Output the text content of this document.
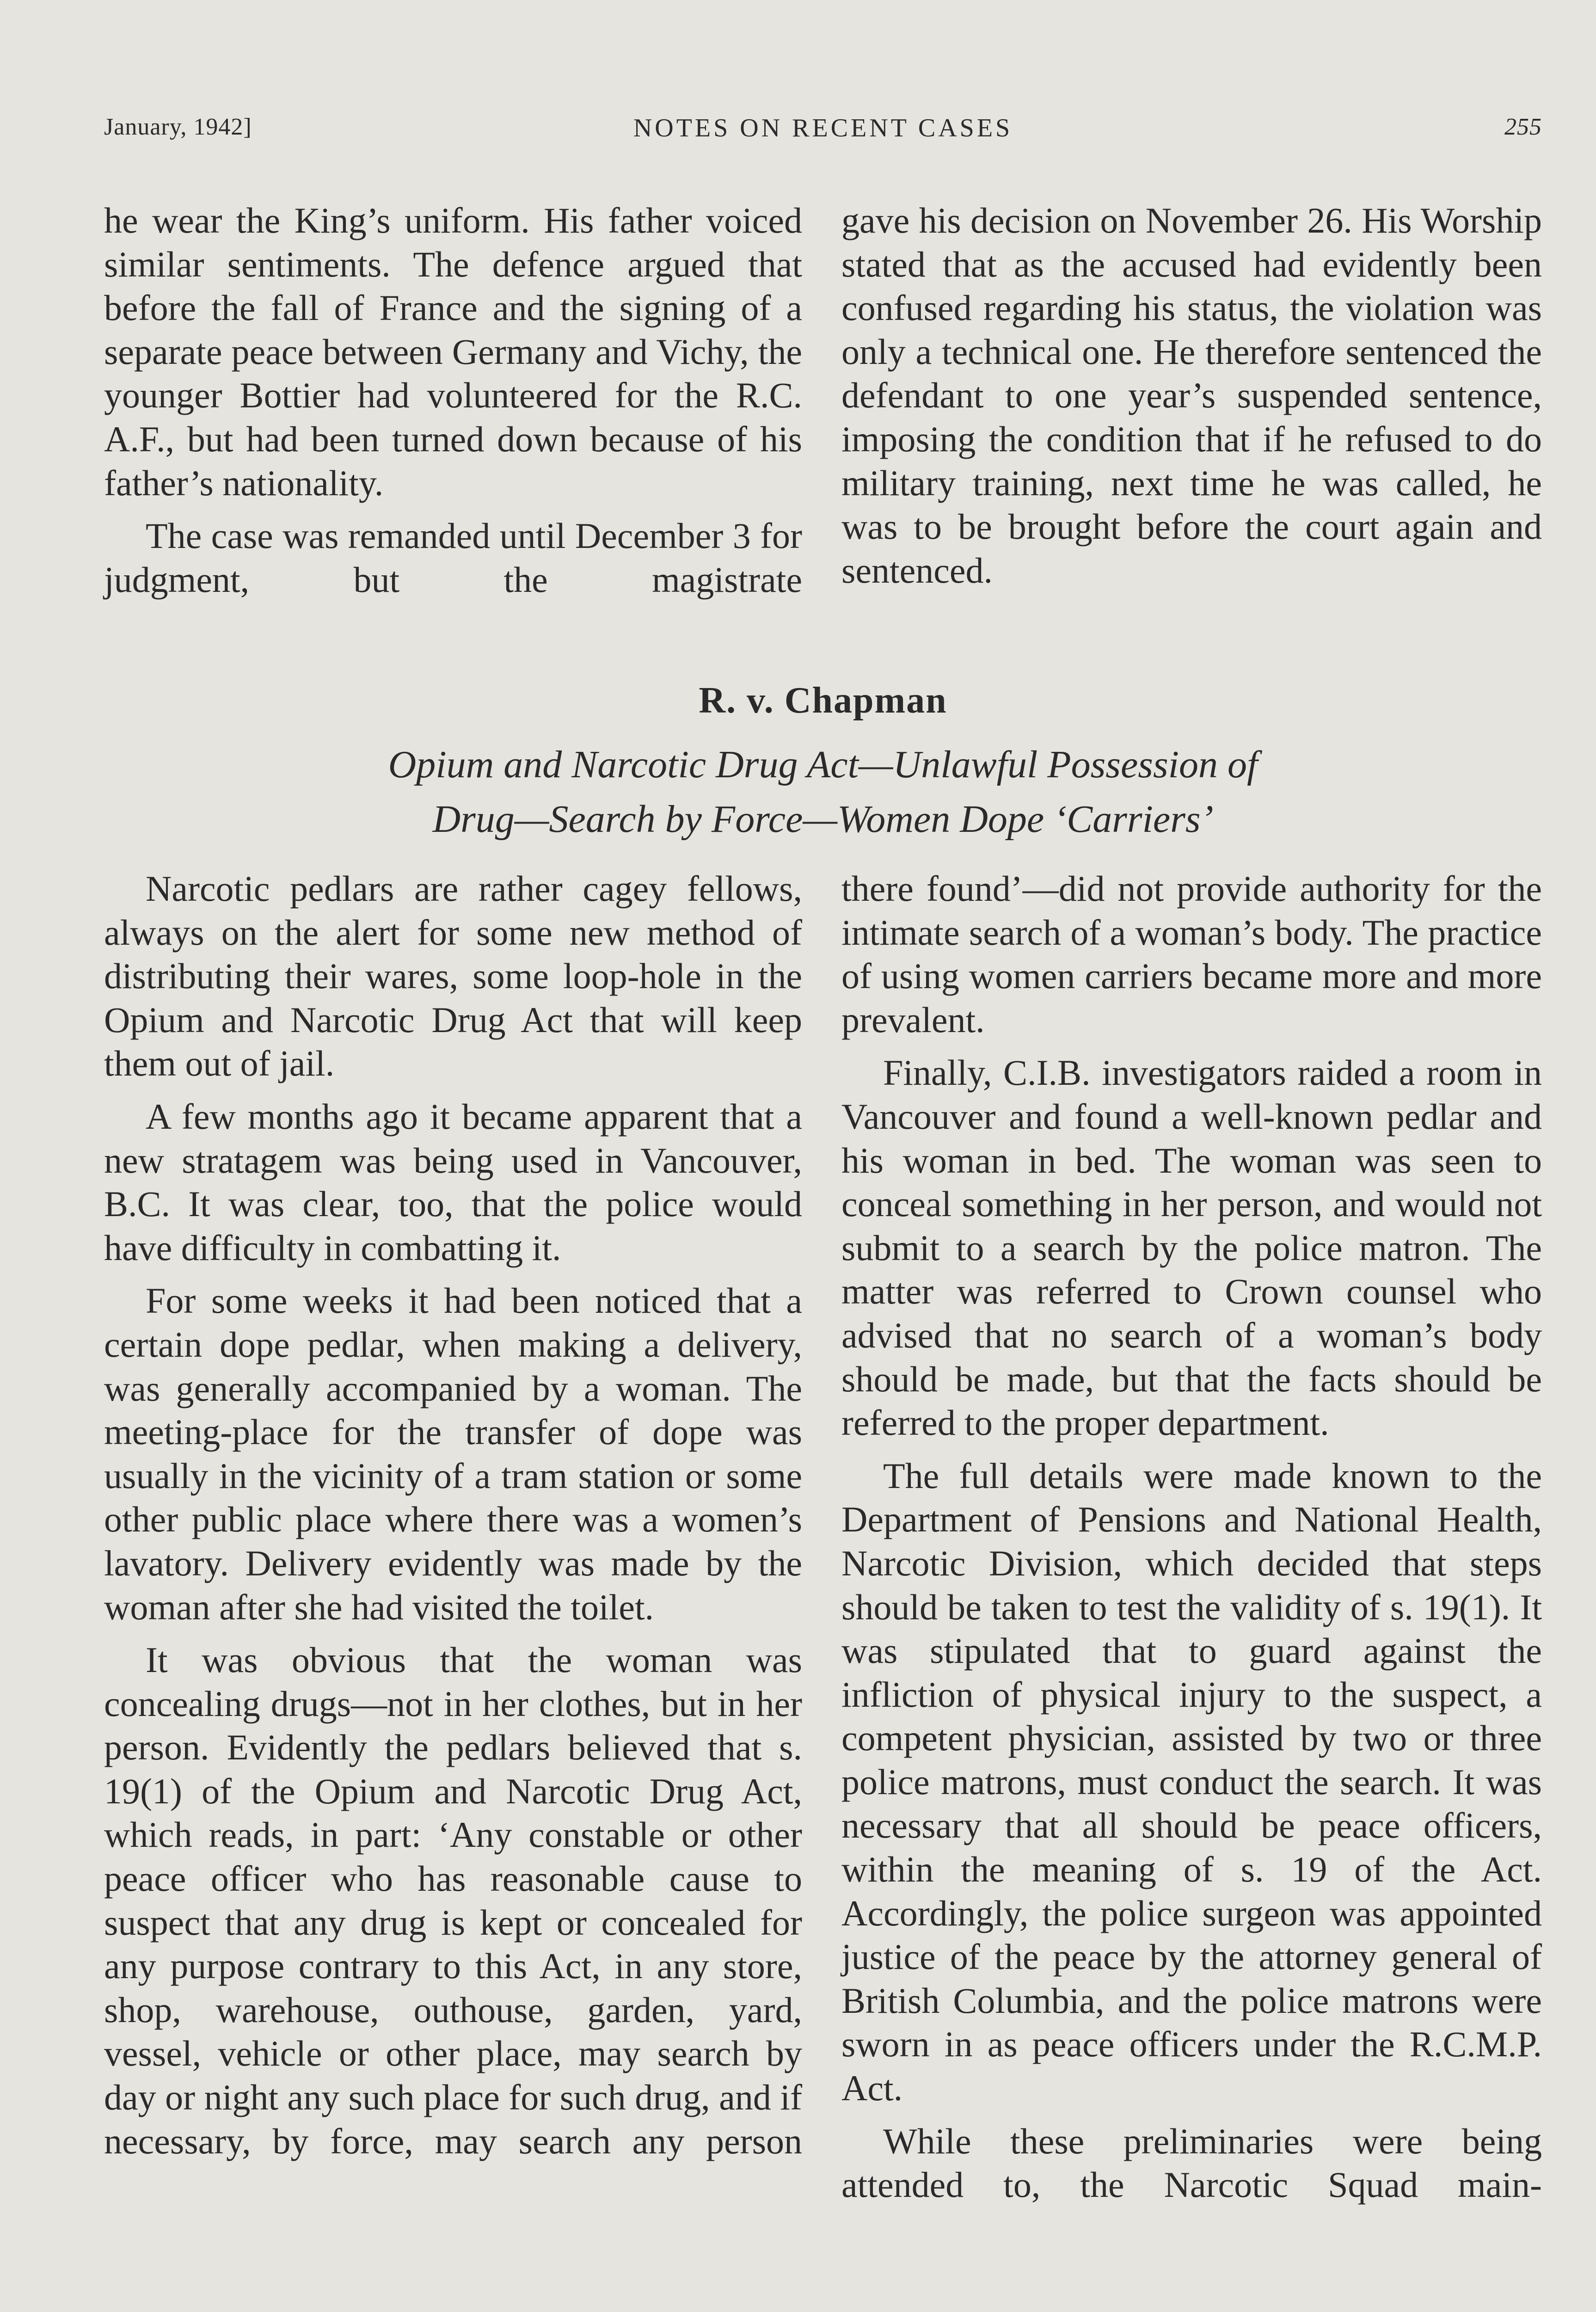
January, 1942]	NOTES ON RECENT CASES	255

he wear the King’s uniform. His father voiced similar sentiments. The defence argued that before the fall of France and the signing of a separate peace between Germany and Vichy, the younger Bottier had volunteered for the R.C. A.F., but had been turned down because of his father’s nationality.

The case was remanded until December 3 for judgment, but the magistrate

gave his decision on November 26. His Worship stated that as the accused had evidently been confused regarding his status, the violation was only a technical one. He therefore sentenced the defendant to one year’s suspended sentence, imposing the condition that if he refused to do military training, next time he was called, he was to be brought before the court again and sentenced.

R. v. Chapman
Opium and Narcotic Drug Act—Unlawful Possession of
Drug—Search by Force—Women Dope ‘Carriers’

Narcotic pedlars are rather cagey fellows, always on the alert for some new method of distributing their wares, some loop-hole in the Opium and Narcotic Drug Act that will keep them out of jail.

A few months ago it became apparent that a new stratagem was being used in Vancouver, B.C. It was clear, too, that the police would have difficulty in combatting it.

For some weeks it had been noticed that a certain dope pedlar, when making a delivery, was generally accompanied by a woman. The meeting-place for the transfer of dope was usually in the vicinity of a tram station or some other public place where there was a women’s lavatory. Delivery evidently was made by the woman after she had visited the toilet.

It was obvious that the woman was concealing drugs—not in her clothes, but in her person. Evidently the pedlars believed that s. 19(1) of the Opium and Narcotic Drug Act, which reads, in part: ‘Any constable or other peace officer who has reasonable cause to suspect that any drug is kept or concealed for any purpose contrary to this Act, in any store, shop, warehouse, outhouse, garden, yard, vessel, vehicle or other place, may search by day or night any such place for such drug, and if necessary, by force, may search any person

there found’—did not provide authority for the intimate search of a woman’s body. The practice of using women carriers became more and more prevalent.

Finally, C.I.B. investigators raided a room in Vancouver and found a well-known pedlar and his woman in bed. The woman was seen to conceal something in her person, and would not submit to a search by the police matron. The matter was referred to Crown counsel who advised that no search of a woman’s body should be made, but that the facts should be referred to the proper department.

The full details were made known to the Department of Pensions and National Health, Narcotic Division, which decided that steps should be taken to test the validity of s. 19(1). It was stipulated that to guard against the infliction of physical injury to the suspect, a competent physician, assisted by two or three police matrons, must conduct the search. It was necessary that all should be peace officers, within the meaning of s. 19 of the Act. Accordingly, the police surgeon was appointed justice of the peace by the attorney general of British Columbia, and the police matrons were sworn in as peace officers under the R.C.M.P. Act.

While these preliminaries were being attended to, the Narcotic Squad main-
